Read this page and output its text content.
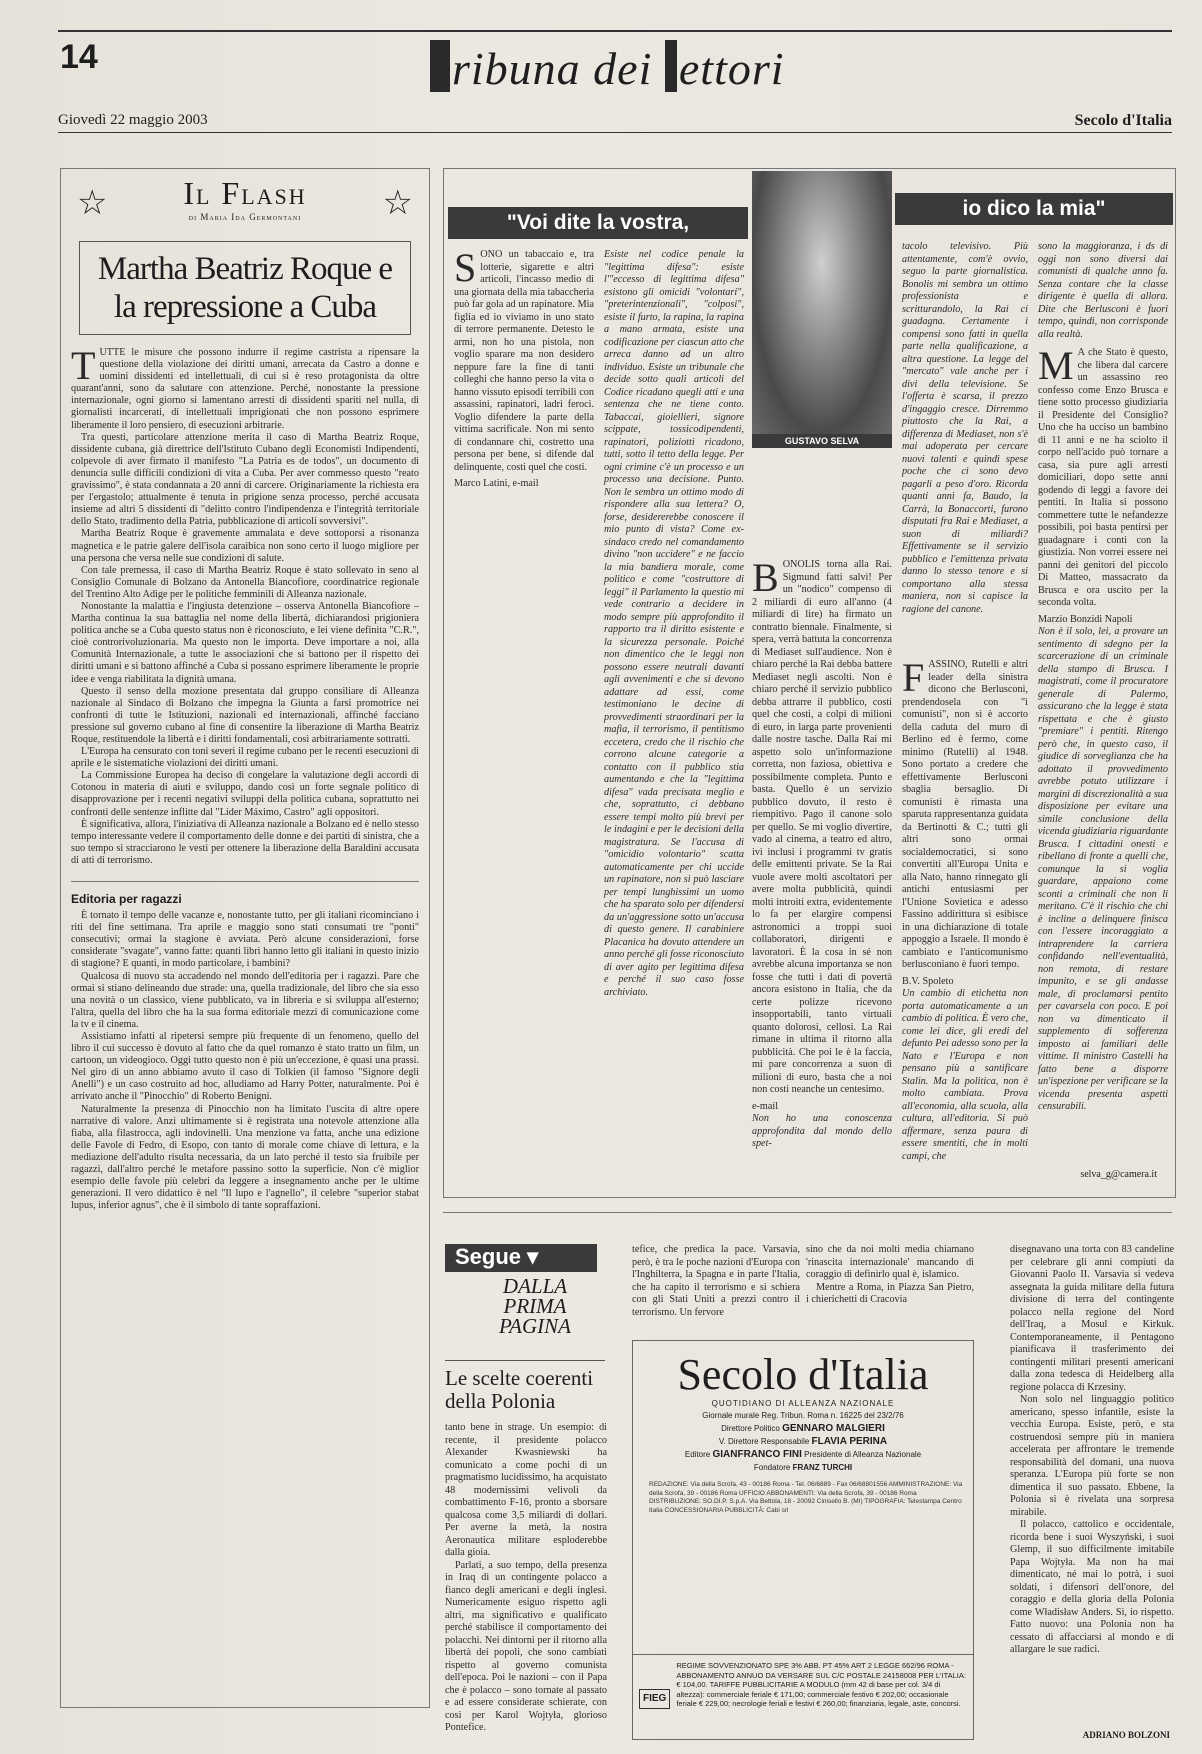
14	ribuna dei ettori
Giovedì 22 maggio 2003	Secolo d'Italia
☆	Il Flash
di Maria Ida Germontani	☆
Martha Beatriz Roque e la repressione a Cuba

TUTTE le misure che possono indurre il regime castrista a ripensare la questione della violazione dei diritti umani, arrecata da Castro a donne e uomini dissidenti ed intellettuali, di cui si è reso protagonista da oltre quarant'anni, sono da salutare con attenzione. Perché, nonostante la pressione internazionale, ogni giorno si lamentano arresti di dissidenti spariti nel nulla, di giornalisti incarcerati, di intellettuali imprigionati che non possono esprimere liberamente il loro pensiero, di esecuzioni arbitrarie.

Tra questi, particolare attenzione merita il caso di Martha Beatriz Roque, dissidente cubana, già direttrice dell'Istituto Cubano degli Economisti Indipendenti, colpevole di aver firmato il manifesto "La Patria es de todos", un documento di denuncia sulle difficili condizioni di vita a Cuba. Per aver commesso questo "reato gravissimo", è stata condannata a 20 anni di carcere. Originariamente la richiesta era per l'ergastolo; attualmente è tenuta in prigione senza processo, perché accusata insieme ad altri 5 dissidenti di "delitto contro l'indipendenza e l'integrità territoriale dello Stato, tradimento della Patria, pubblicazione di articoli sovversivi".

Martha Beatriz Roque è gravemente ammalata e deve sottoporsi a risonanza magnetica e le patrie galere dell'isola caraibica non sono certo il luogo migliore per una persona che versa nelle sue condizioni di salute.

Con tale premessa, il caso di Martha Beatriz Roque è stato sollevato in seno al Consiglio Comunale di Bolzano da Antonella Biancofiore, coordinatrice regionale del Trentino Alto Adige per le politiche femminili di Alleanza nazionale.

Nonostante la malattia e l'ingiusta detenzione – osserva Antonella Biancofiore – Martha continua la sua battaglia nel nome della libertà, dichiarandosi prigioniera politica anche se a Cuba questo status non è riconosciuto, e lei viene definita "C.R.", cioè controrivoluzionaria. Ma questo non le importa. Deve importare a noi, alla Comunità Internazionale, a tutte le associazioni che si battono per il rispetto dei diritti umani e si battono affinché a Cuba si possano esprimere liberamente le proprie idee e venga riabilitata la dignità umana.

Questo il senso della mozione presentata dal gruppo consiliare di Alleanza nazionale al Sindaco di Bolzano che impegna la Giunta a farsi promotrice nei confronti di tutte le Istituzioni, nazionali ed internazionali, affinché facciano pressione sul governo cubano al fine di consentire la liberazione di Martha Beatriz Roque, restituendole la libertà e i diritti fondamentali, così arbitrariamente sottratti.

L'Europa ha censurato con toni severi il regime cubano per le recenti esecuzioni di aprile e le sistematiche violazioni dei diritti umani.

La Commissione Europea ha deciso di congelare la valutazione degli accordi di Cotonou in materia di aiuti e sviluppo, dando così un forte segnale politico di disapprovazione per i recenti negativi sviluppi della politica cubana, soprattutto nei confronti delle sentenze inflitte dal "Líder Máximo, Castro" agli oppositori.

È significativa, allora, l'iniziativa di Alleanza nazionale a Bolzano ed è nello stesso tempo interessante vedere il comportamento delle donne e dei partiti di sinistra, che a suo tempo si stracciarono le vesti per ottenere la liberazione della Baraldini accusata di atti di terrorismo.

Editoria per ragazzi

È tornato il tempo delle vacanze e, nonostante tutto, per gli italiani ricominciano i riti del fine settimana. Tra aprile e maggio sono stati consumati tre "ponti" consecutivi; ormai la stagione è avviata. Però alcune considerazioni, forse considerate "svagate", vanno fatte: quanti libri hanno letto gli italiani in questo inizio di stagione? E quanti, in modo particolare, i bambini?

Qualcosa di nuovo sta accadendo nel mondo dell'editoria per i ragazzi. Pare che ormai si stiano delineando due strade: una, quella tradizionale, del libro che sia esso una novità o un classico, viene pubblicato, va in libreria e si sviluppa all'esterno; l'altra, quella del libro che ha la sua forma editoriale mezzi di comunicazione come la tv e il cinema.

Assistiamo infatti al ripetersi sempre più frequente di un fenomeno, quello del libro il cui successo è dovuto al fatto che da quel romanzo è stato tratto un film, un cartoon, un videogioco. Oggi tutto questo non è più un'eccezione, è quasi una prassi. Nel giro di un anno abbiamo avuto il caso di Tolkien (il famoso "Signore degli Anelli") e un caso costruito ad hoc, alludiamo ad Harry Potter, naturalmente. Poi è arrivato anche il "Pinocchio" di Roberto Benigni.

Naturalmente la presenza di Pinocchio non ha limitato l'uscita di altre opere narrative di valore. Anzi ultimamente si è registrata una notevole attenzione alla fiaba, alla filastrocca, agli indovinelli. Una menzione va fatta, anche una edizione delle Favole di Fedro, di Esopo, con tanto di morale come chiave di lettura, e la mediazione dell'adulto risulta necessaria, da un lato perché il testo sia fruibile per ragazzi, dall'altro perché le metafore passino sotto la superficie. Non c'è miglior esempio delle favole più celebri da leggere a insegnamento anche per le ultime generazioni. Il vero didattico è nel "Il lupo e l'agnello", il celebre "superior stabat lupus, inferior agnus", che è il simbolo di tante sopraffazioni.

"Voi dite la vostra,
io dico la mia"
GUSTAVO SELVA
SONO un tabaccaio e, tra lotterie, sigarette e altri articoli, l'incasso medio di una giornata della mia tabaccheria può far gola ad un rapinatore. Mia figlia ed io viviamo in uno stato di terrore permanente. Detesto le armi, non ho una pistola, non voglio sparare ma non desidero neppure fare la fine di tanti colleghi che hanno perso la vita o hanno vissuto episodi terribili con assassini, rapinatori, ladri feroci. Voglio difendere la parte della vittima sacrificale. Non mi sento di condannare chi, costretto una persona per bene, si difende dal delinquente, costi quel che costi.
Marco Latini, e-mail
Esiste nel codice penale la "legittima difesa": esiste l'"eccesso di legittima difesa" esistono gli omicidi "volontari", "preterintenzionali", "colposi", esiste il furto, la rapina, la rapina a mano armata, esiste una codificazione per ciascun atto che arreca danno ad un altro individuo. Esiste un tribunale che decide sotto quali articoli del Codice ricadano quegli atti e una sentenza che ne tiene conto. Tabaccai, gioiellieri, signore scippate, tossicodipendenti, rapinatori, poliziotti ricadono, tutti, sotto il tetto della legge. Per ogni crimine c'è un processo e un processo una decisione. Punto. Non le sembra un ottimo modo di rispondere alla sua lettera? O, forse, desidererebbe conoscere il mio punto di vista? Come ex-sindaco credo nel comandamento divino "non uccidere" e ne faccio la mia bandiera morale, come politico e come "costruttore di leggi" il Parlamento la questio mi vede contrario a decidere in modo sempre più approfondito il rapporto tra il diritto esistente e la sicurezza personale. Poiché non dimentico che le leggi non possono essere neutrali davanti agli avvenimenti e che si devono adattare ad essi, come testimoniano le decine di provvedimenti straordinari per la mafia, il terrorismo, il pentitismo eccetera, credo che il rischio che corrono alcune categorie a contatto con il pubblico stia aumentando e che la "legittima difesa" vada precisata meglio e che, soprattutto, ci debbano essere tempi molto più brevi per le indagini e per le decisioni della magistratura. Se l'accusa di "omicidio volontario" scatta automaticamente per chi uccide un rapinatore, non si può lasciare per tempi lunghissimi un uomo che ha sparato solo per difendersi da un'aggressione sotto un'accusa di questo genere. Il carabiniere Placanica ha dovuto attendere un anno perché gli fosse riconosciuto di aver agito per legittima difesa e perché il suo caso fosse archiviato.
BONOLIS torna alla Rai. Sigmund fatti salvi! Per un "nodico" compenso di 2 miliardi di euro all'anno (4 miliardi di lire) ha firmato un contratto biennale. Finalmente, si spera, verrà battuta la concorrenza di Mediaset sull'audience. Non è chiaro perché la Rai debba battere Mediaset negli ascolti. Non è chiaro perché il servizio pubblico debba attrarre il pubblico, costi quel che costi, a colpi di milioni di euro, in larga parte provenienti dalle nostre tasche. Dalla Rai mi aspetto solo un'informazione corretta, non faziosa, obiettiva e possibilmente completa. Punto e basta. Quello è un servizio pubblico dovuto, il resto è riempitivo. Pago il canone solo per quello. Se mi voglio divertire, vado al cinema, a teatro ed altro, ivi inclusi i programmi tv gratis delle emittenti private. Se la Rai vuole avere molti ascoltatori per avere molta pubblicità, quindi molti introiti extra, evidentemente lo fa per elargire compensi astronomici a troppi suoi collaboratori, dirigenti e lavoratori. È la cosa in sé non avrebbe alcuna importanza se non fosse che tutti i dati di povertà ancora esistono in Italia, che da certe polizze ricevono insopportabili, tanto virtuali quanto dolorosi, cellosi. La Rai rimane in ultima il ritorno alla pubblicità. Che poi le è la faccia, mi pare concorrenza a suon di milioni di euro, basta che a noi non costi neanche un centesimo.
e-mail
Non ho una conoscenza approfondita dal mondo dello spet-
tacolo televisivo. Più attentamente, com'è ovvio, seguo la parte giornalistica. Bonolis mi sembra un ottimo professionista e scritturandolo, la Rai ci guadagna. Certamente i compensi sono fatti in quella parte nella qualificazione, a altra questione. La legge del "mercato" vale anche per i divi della televisione. Se l'offerta è scarsa, il prezzo d'ingaggio cresce. Dirremmo piuttosto che la Rai, a differenza di Mediaset, non s'è mai adoperata per cercare nuovi talenti e quindi spese poche che ci sono devo pagarli a peso d'oro. Ricorda quanti anni fa, Baudo, la Carrà, la Bonaccorti, furono disputati fra Rai e Mediaset, a suon di miliardi? Effettivamente se il servizio pubblico e l'emittenza privata danno lo stesso tenore e si comportano alla stessa maniera, non si capisce la ragione del canone.
FASSINO, Rutelli e altri leader della sinistra dicono che Berlusconi, prendendosela con "i comunisti", non si è accorto della caduta del muro di Berlino ed è fermo, come minimo (Rutelli) al 1948. Sono portato a credere che effettivamente Berlusconi sbaglia bersaglio. Di comunisti è rimasta una sparuta rappresentanza guidata da Bertinotti & C.; tutti gli altri sono ormai socialdemocratici, si sono convertiti all'Europa Unita e alla Nato, hanno rinnegato gli antichi entusiasmi per l'Unione Sovietica e adesso Fassino addirittura si esibisce in una dichiarazione di totale appoggio a Israele. Il mondo è cambiato e l'anticomunismo berlusconiano è fuori tempo.
B.V. Spoleto
Un cambio di etichetta non porta automaticamente a un cambio di politica. È vero che, come lei dice, gli eredi del defunto Pei adesso sono per la Nato e l'Europa e non pensano più a santificare Stalin. Ma la politica, non è molto cambiata. Prova all'economia, alla scuola, alla cultura, all'editoria. Si può affermare, senza paura di essere smentiti, che in molti campi, che
sono la maggioranza, i ds di oggi non sono diversi dai comunisti di qualche anno fa. Senza contare che la classe dirigente è quella di allora. Dite che Berlusconi è fuori tempo, quindi, non corrisponde alla realtà.
M A che Stato è questo, che libera dal carcere un assassino reo confesso come Enzo Brusca e tiene sotto processo giudiziaria il Presidente del Consiglio? Uno che ha ucciso un bambino di 11 anni e ne ha sciolto il corpo nell'acido può tornare a casa, sia pure agli arresti domiciliari, dopo sette anni godendo di leggi a favore dei pentiti. In Italia si possono commettere tutte le nefandezze possibili, poi basta pentirsi per guadagnare i conti con la giustizia. Non vorrei essere nei panni dei genitori del piccolo Di Matteo, massacrato da Brusca e ora uscito per la seconda volta.
Marzio Bonzidi Napoli
Non è il solo, lei, a provare un sentimento di sdegno per la scarcerazione di un criminale della stampo di Brusca. I magistrati, come il procuratore generale di Palermo, assicurano che la legge è stata rispettata e che è giusto "premiare" i pentiti. Ritengo però che, in questo caso, il giudice di sorveglianza che ha adottato il provvedimento avrebbe potuto utilizzare i margini di discrezionalità a sua disposizione per evitare una simile conclusione della vicenda giudiziaria riguardante Brusca. I cittadini onesti e ribellano di fronte a quelli che, comunque la si voglia guardare, appaiono come sconti a criminali che non li meritano. C'è il rischio che chi è incline a delinquere finisca con l'essere incoraggiato a intraprendere la carriera confidando nell'eventualità, non remota, di restare impunito, e se gli andasse male, di proclamarsi pentito per cavarsela con poco. E poi non va dimenticato il supplemento di sofferenza imposto ai familiari delle vittime. Il ministro Castelli ha fatto bene a disporre un'ispezione per verificare se la vicenda presenta aspetti censurabili.
selva_g@camera.it
Segue ▾
DALLA PRIMA PAGINA
Le scelte coerenti della Polonia
tanto bene in strage. Un esempio: di recente, il presidente polacco Alexander Kwasniewski ha comunicato a come pochi di un pragmatismo lucidissimo, ha acquistato 48 modernissimi velivoli da combattimento F-16, pronto a sborsare qualcosa come 3,5 miliardi di dollari. Per averne la metà, la nostra Aeronautica militare esploderebbe dalla gioia.
Parlati, a suo tempo, della presenza in Iraq di un contingente polacco a fianco degli americani e degli inglesi. Numericamente esiguo rispetto agli altri, ma significativo e qualificato perché stabilisce il comportamento dei polacchi. Nei dintorni per il ritorno alla libertà dei popoli, che sono cambiati rispetto al governo comunista dell'epoca. Poi le nazioni – con il Papa che è polacco – sono tornate al passato e ad essere considerate schierate, con così per Karol Wojtyła, glorioso Pontefice.
tefice, che predica la pace. Varsavia, però, è tra le poche nazioni d'Europa con l'Inghilterra, la Spagna e in parte l'Italia, che ha capito il terrorismo e si schiera con gli Stati Uniti a prezzi contro il terrorismo. Un fervore
sino che da noi molti media chiamano 'rinascita internazionale' mancando di coraggio di definirlo qual è, islamico.
Mentre a Roma, in Piazza San Pietro, i chierichetti di Cracovia
disegnavano una torta con 83 candeline per celebrare gli anni compiuti da Giovanni Paolo II. Varsavia si vedeva assegnata la guida militare della futura divisione di terra del contingente polacco nella regione del Nord dell'Iraq, a Mosul e Kirkuk. Contemporaneamente, il Pentagono pianificava il trasferimento dei contingenti militari presenti americani dalla zona tedesca di Heidelberg alla regione polacca di Krzesiny.
Non solo nel linguaggio politico americano, spesso infantile, esiste la vecchia Europa. Esiste, però, e sta costruendosi sempre più in maniera accelerata per affrontare le tremende responsabilità del domani, una nuova speranza. L'Europa più forte se non dimentica il suo passato. Ebbene, la Polonia si è rivelata una sorpresa mirabile.
Il polacco, cattolico e occidentale, ricorda bene i suoi Wyszyński, i suoi Glemp, il suo difficilmente imitabile Papa Wojtyła. Ma non ha mai dimenticato, né mai lo potrà, i suoi soldati, i difensori dell'onore, del coraggio e della gloria della Polonia come Władisław Anders. Si, io rispetto. Fatto nuovo: una Polonia non ha cessato di affacciarsi al mondo e di allargare le sue radici.
ADRIANO BOLZONI
Secolo d'Italia
QUOTIDIANO DI ALLEANZA NAZIONALE
Giornale murale Reg. Tribun. Roma n. 16225 del 23/2/76
Direttore Politico GENNARO MALGIERI
V. Direttore Responsabile FLAVIA PERINA
Editore GIANFRANCO FINI Presidente di Alleanza Nazionale
Fondatore FRANZ TURCHI
REDAZIONE: Via della Scrofa, 43 - 00186 Roma - Tel. 06/6889 - Fax 06/68801556 AMMINISTRAZIONE: Via della Scrofa, 39 - 00186 Roma UFFICIO ABBONAMENTI: Via della Scrofa, 39 - 00186 Roma DISTRIBUZIONE: SO.DI.P. S.p.A. Via Bettola, 18 - 20092 Cinisello B. (MI) TIPOGRAFIA: Telestampa Centro Italia CONCESSIONARIA PUBBLICITÀ: Cabi srl
FIEG
REGIME SOVVENZIONATO SPE 3% ABB. PT 45% ART 2 LEGGE 662/96 ROMA - ABBONAMENTO ANNUO DA VERSARE SUL C/C POSTALE 24158008 PER L'ITALIA: € 104,00. TARIFFE PUBBLICITARIE A MODULO (mm 42 di base per col. 3/4 di altezza): commerciale feriale € 171,00; commerciale festivo € 202,00; occasionale feriale € 229,00; necrologie feriali e festivi € 260,00; finanziaria, legale, aste, concorsi.
